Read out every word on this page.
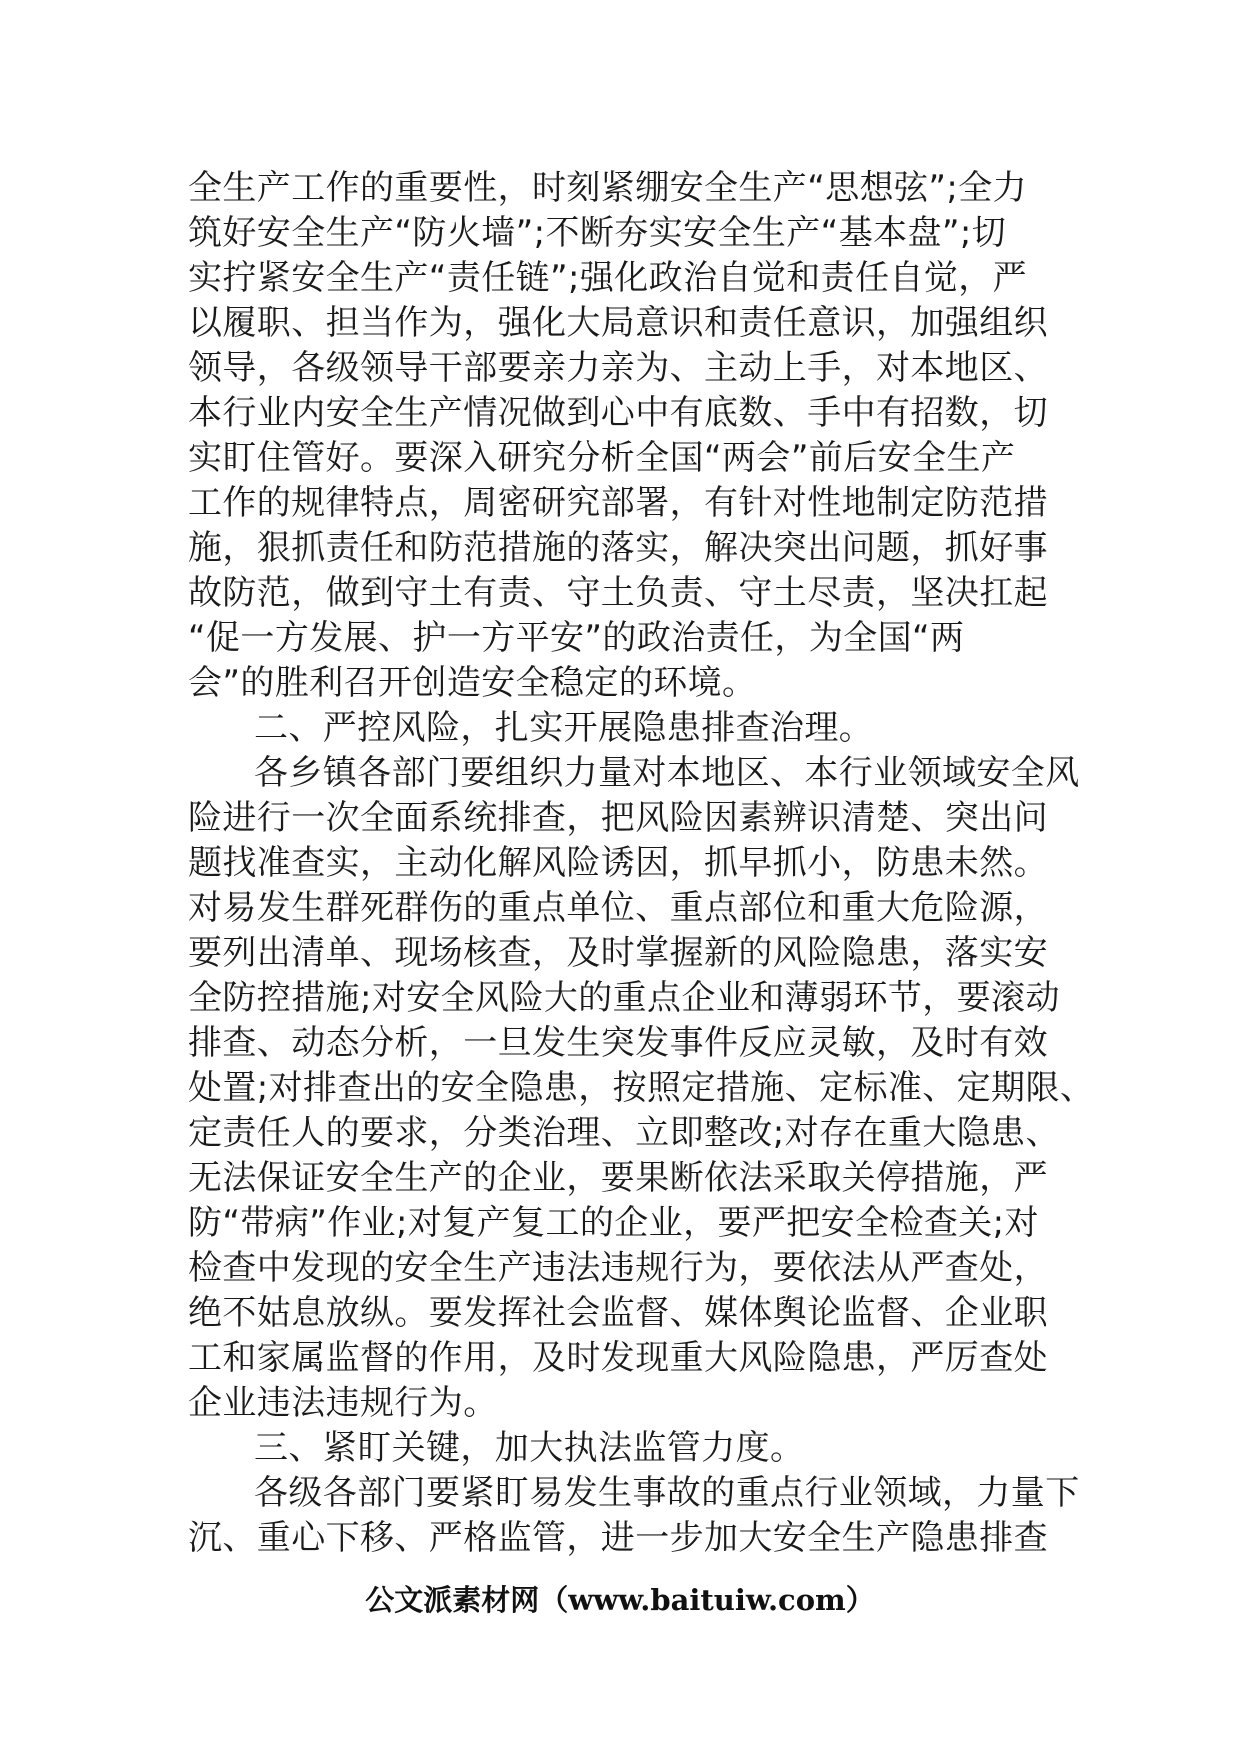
全生产工作的重要性，时刻紧绷安全生产“思想弦”;全力
筑好安全生产“防火墙”;不断夯实安全生产“基本盘”;切
实拧紧安全生产“责任链”;强化政治自觉和责任自觉，严
以履职、担当作为，强化大局意识和责任意识，加强组织
领导，各级领导干部要亲力亲为、主动上手，对本地区、
本行业内安全生产情况做到心中有底数、手中有招数，切
实盯住管好。要深入研究分析全国“两会”前后安全生产
工作的规律特点，周密研究部署，有针对性地制定防范措
施，狠抓责任和防范措施的落实，解决突出问题，抓好事
故防范，做到守土有责、守土负责、守土尽责，坚决扛起
“促一方发展、护一方平安”的政治责任，为全国“两
会”的胜利召开创造安全稳定的环境。
二、严控风险，扎实开展隐患排查治理。
各乡镇各部门要组织力量对本地区、本行业领域安全风
险进行一次全面系统排查，把风险因素辨识清楚、突出问
题找准查实，主动化解风险诱因，抓早抓小，防患未然。
对易发生群死群伤的重点单位、重点部位和重大危险源，
要列出清单、现场核查，及时掌握新的风险隐患，落实安
全防控措施;对安全风险大的重点企业和薄弱环节，要滚动
排查、动态分析，一旦发生突发事件反应灵敏，及时有效
处置;对排查出的安全隐患，按照定措施、定标准、定期限、
定责任人的要求，分类治理、立即整改;对存在重大隐患、
无法保证安全生产的企业，要果断依法采取关停措施，严
防“带病”作业;对复产复工的企业，要严把安全检查关;对
检查中发现的安全生产违法违规行为，要依法从严查处，
绝不姑息放纵。要发挥社会监督、媒体舆论监督、企业职
工和家属监督的作用，及时发现重大风险隐患，严厉查处
企业违法违规行为。
三、紧盯关键，加大执法监管力度。
各级各部门要紧盯易发生事故的重点行业领域，力量下
沉、重心下移、严格监管，进一步加大安全生产隐患排查
公文派素材网（www.baituiw.com）
